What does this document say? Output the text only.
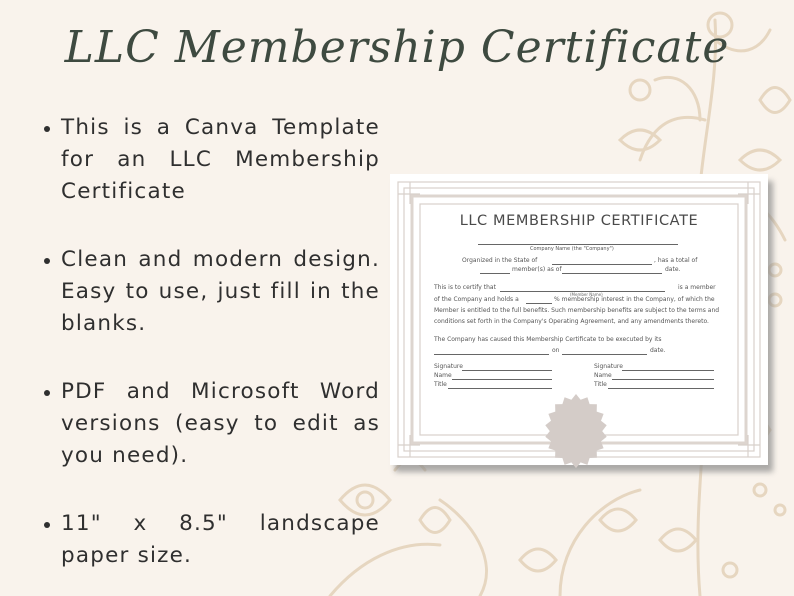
LLC Membership Certificate
This is a Canva Template for an LLC Membership Certificate
Clean and modern design. Easy to use, just fill in the blanks.
PDF and Microsoft Word versions (easy to edit as you need).
11" x 8.5" landscape paper size.
LLC MEMBERSHIP CERTIFICATE
Company Name (the "Company")
Organized in the State of	, has a total of
member(s) as of	date.
This is to certify that	is a member
(Member Name)
of the Company and holds a	% membership interest in the Company, of which the
Member is entitled to the full benefits. Such membership benefits are subject to the terms and
conditions set forth in the Company's Operating Agreement, and any amendments thereto.
The Company has caused this Membership Certificate to be executed by its
on	date.
Signature
Name
Title
Signature
Name
Title
